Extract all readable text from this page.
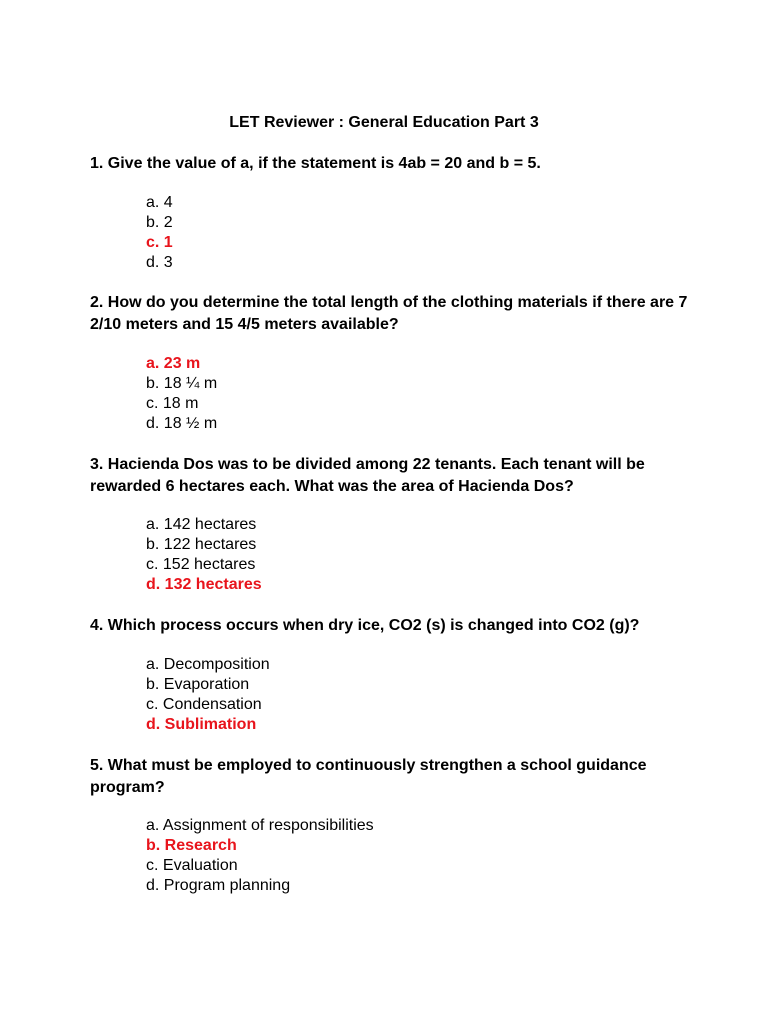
LET Reviewer : General Education Part 3

1. Give the value of a, if the statement is 4ab = 20 and b = 5.

a. 4
b. 2
c. 1
d. 3

2. How do you determine the total length of the clothing materials if there are 7 2/10 meters and 15 4/5 meters available?

a. 23 m
b. 18 ¼ m
c. 18 m
d. 18 ½ m

3. Hacienda Dos was to be divided among 22 tenants. Each tenant will be rewarded 6 hectares each. What was the area of Hacienda Dos?

a. 142 hectares
b. 122 hectares
c. 152 hectares
d. 132 hectares

4. Which process occurs when dry ice, CO2 (s) is changed into CO2 (g)?

a. Decomposition
b. Evaporation
c. Condensation
d. Sublimation

5. What must be employed to continuously strengthen a school guidance program?

a. Assignment of responsibilities
b. Research
c. Evaluation
d. Program planning
